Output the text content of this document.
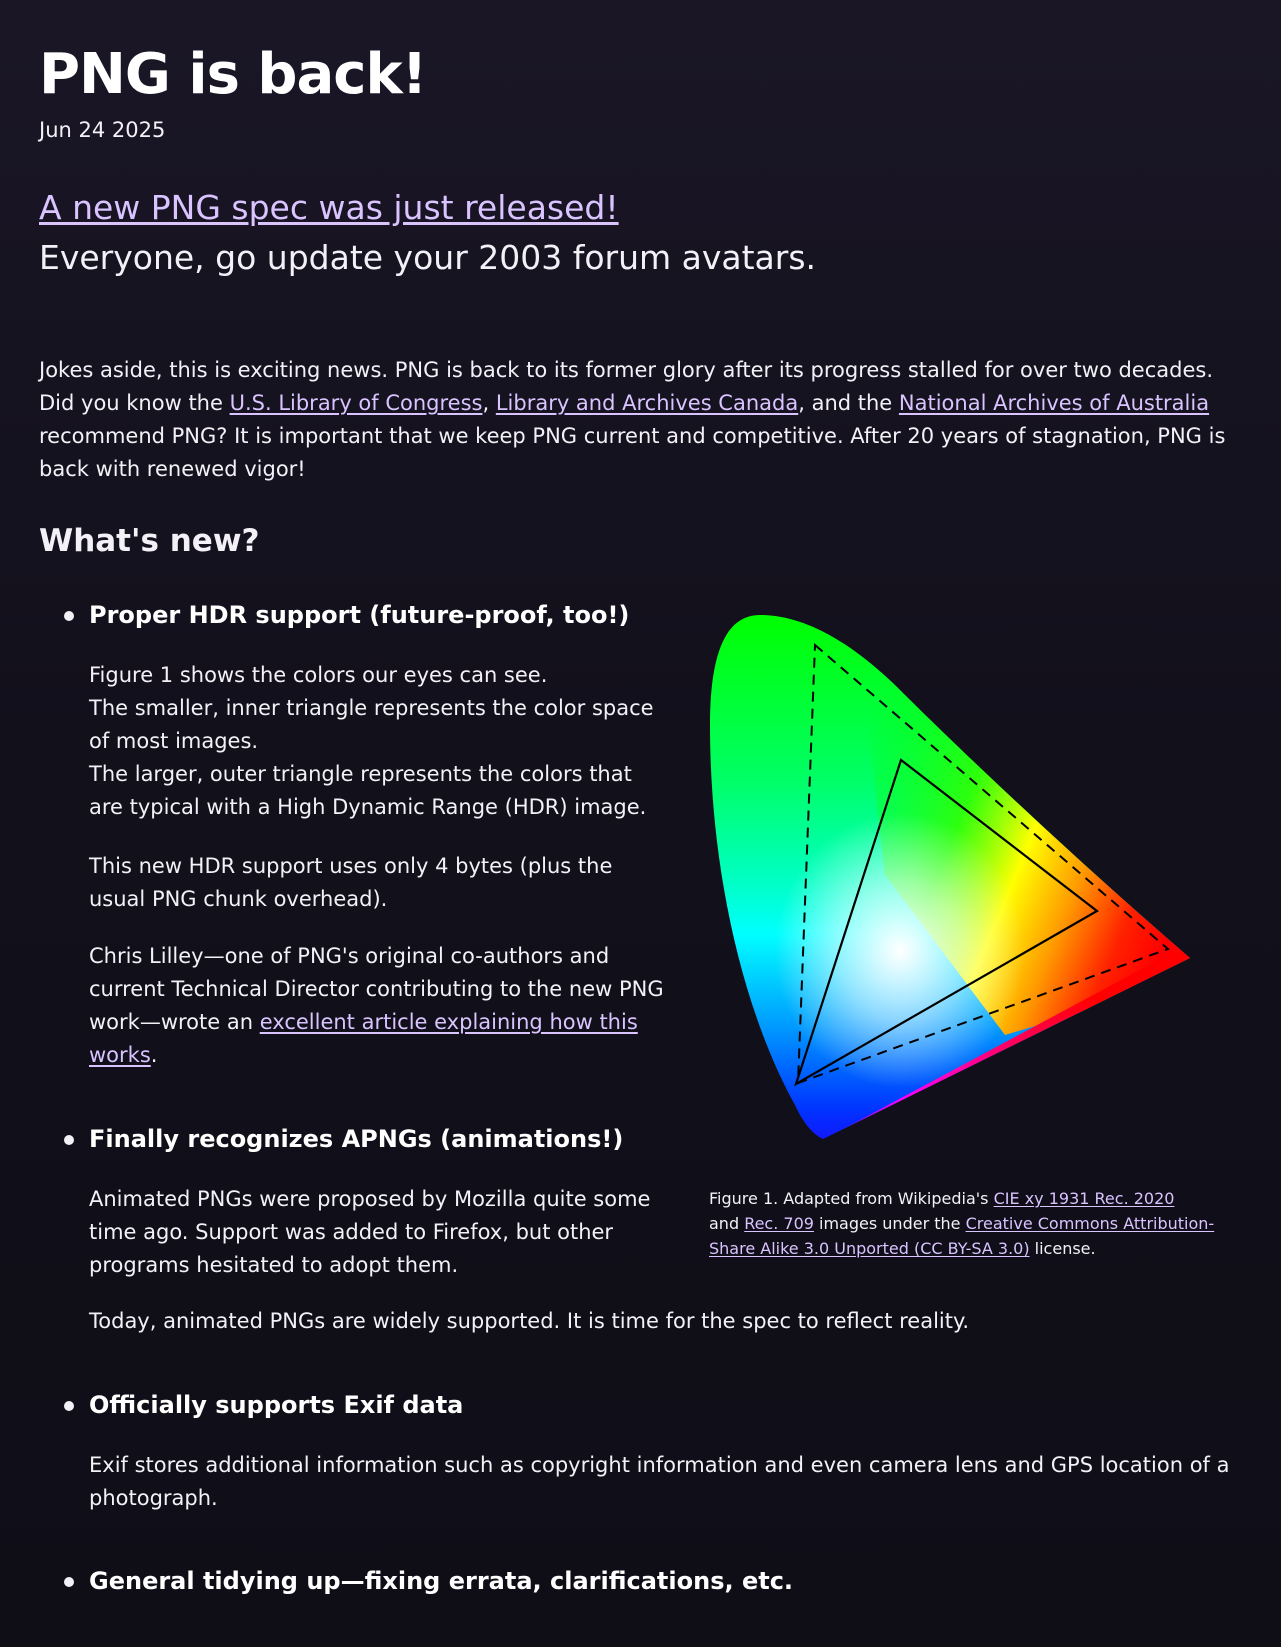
PNG is back!
Jun 24 2025
A new PNG spec was just released!
Everyone, go update your 2003 forum avatars.

Jokes aside, this is exciting news. PNG is back to its former glory after its progress stalled for over two decades. Did you know the U.S. Library of Congress, Library and Archives Canada, and the National Archives of Australia recommend PNG? It is important that we keep PNG current and competitive. After 20 years of stagnation, PNG is back with renewed vigor!

What's new?
Proper HDR support (future-proof, too!)

Figure 1 shows the colors our eyes can see.
The smaller, inner triangle represents the color space of most images.
The larger, outer triangle represents the colors that are typical with a High Dynamic Range (HDR) image.

This new HDR support uses only 4 bytes (plus the usual PNG chunk overhead).

Chris Lilley—one of PNG's original co-authors and current Technical Director contributing to the new PNG work—wrote an excellent article explaining how this works.

Finally recognizes APNGs (animations!)

Animated PNGs were proposed by Mozilla quite some time ago. Support was added to Firefox, but other programs hesitated to adopt them.

Today, animated PNGs are widely supported. It is time for the spec to reflect reality.

Officially supports Exif data

Exif stores additional information such as copyright information and even camera lens and GPS location of a photograph.

General tidying up—fixing errata, clarifications, etc.

Figure 1. Adapted from Wikipedia's CIE xy 1931 Rec. 2020
and Rec. 709 images under the Creative Commons Attribution-Share Alike 3.0 Unported (CC BY-SA 3.0) license.
